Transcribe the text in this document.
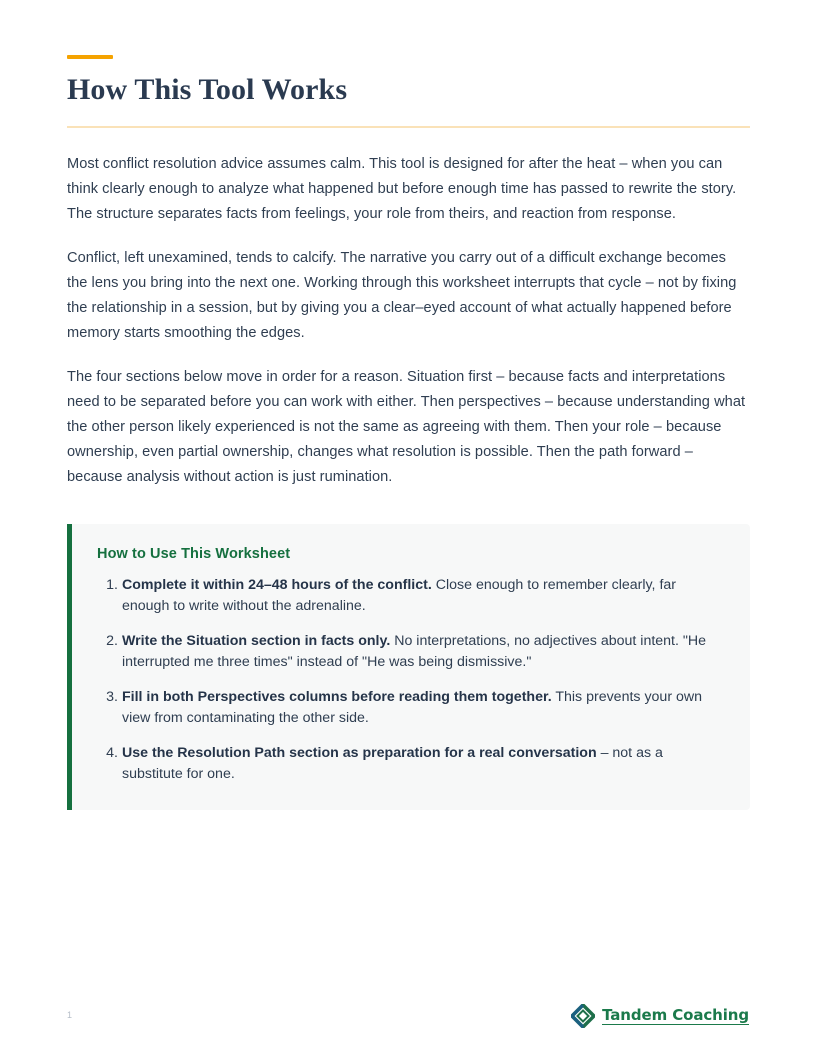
How This Tool Works

Most conflict resolution advice assumes calm. This tool is designed for after the heat – when you can think clearly enough to analyze what happened but before enough time has passed to rewrite the story. The structure separates facts from feelings, your role from theirs, and reaction from response.

Conflict, left unexamined, tends to calcify. The narrative you carry out of a difficult exchange becomes the lens you bring into the next one. Working through this worksheet interrupts that cycle – not by fixing the relationship in a session, but by giving you a clear–eyed account of what actually happened before memory starts smoothing the edges.

The four sections below move in order for a reason. Situation first – because facts and interpretations need to be separated before you can work with either. Then perspectives – because understanding what the other person likely experienced is not the same as agreeing with them. Then your role – because ownership, even partial ownership, changes what resolution is possible. Then the path forward – because analysis without action is just rumination.

How to Use This Worksheet
Complete it within 24–48 hours of the conflict. Close enough to remember clearly, far enough to write without the adrenaline.
Write the Situation section in facts only. No interpretations, no adjectives about intent. "He interrupted me three times" instead of "He was being dismissive."
Fill in both Perspectives columns before reading them together. This prevents your own view from contaminating the other side.
Use the Resolution Path section as preparation for a real conversation – not as a substitute for one.
1	Tandem Coaching
